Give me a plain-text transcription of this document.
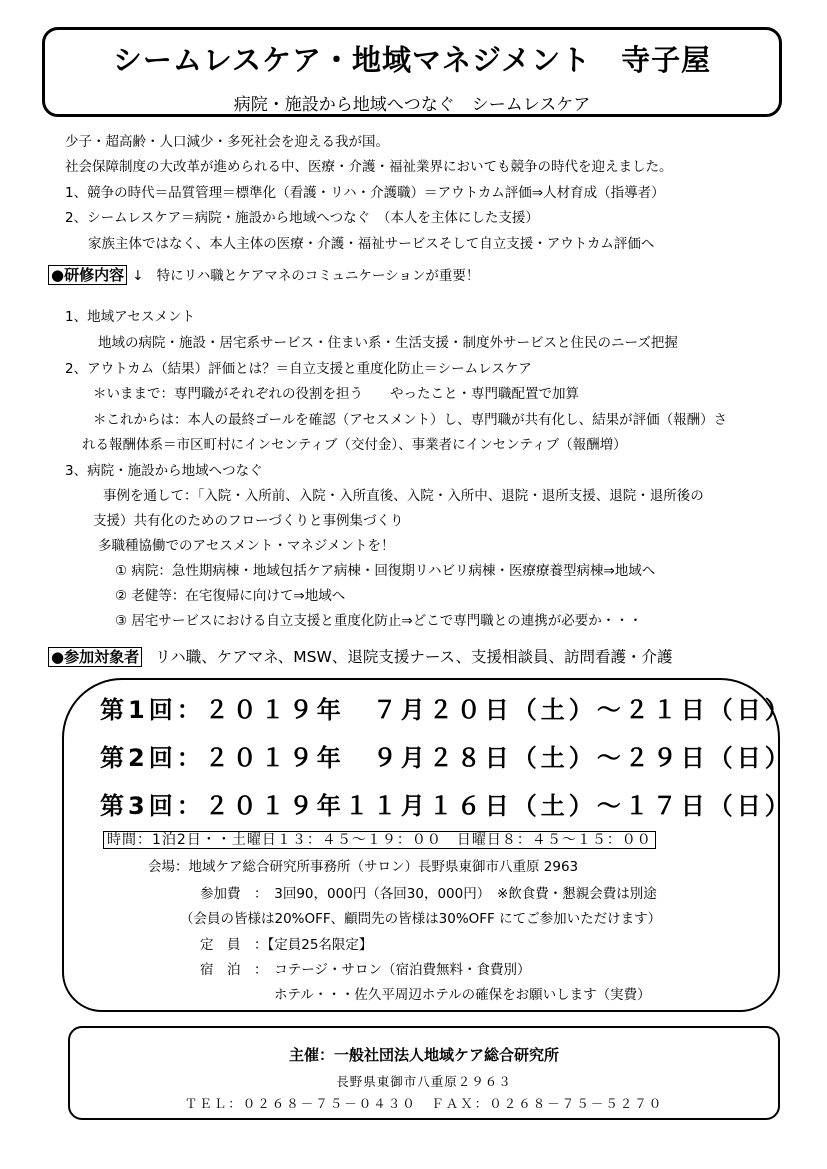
シームレスケア・地域マネジメント　寺子屋
病院・施設から地域へつなぐ　シームレスケア
少子・超高齢・人口減少・多死社会を迎える我が国。
社会保障制度の大改革が進められる中、医療・介護・福祉業界においても競争の時代を迎えました。
1、競争の時代＝品質管理＝標準化（看護・リハ・介護職）＝アウトカム評価⇒人材育成（指導者）
2、シームレスケア＝病院・施設から地域へつなぐ　（本人を主体にした支援）
家族主体ではなく、本人主体の医療・介護・福祉サービスそして自立支援・アウトカム評価へ
●研修内容 ↓ 特にリハ職とケアマネのコミュニケーションが重要！
1、地域アセスメント
地域の病院・施設・居宅系サービス・住まい系・生活支援・制度外サービスと住民のニーズ把握
2、アウトカム（結果）評価とは？＝自立支援と重度化防止＝シームレスケア
＊いままで：専門職がそれぞれの役割を担う　　やったこと・専門職配置で加算
＊これからは：本人の最終ゴールを確認（アセスメント）し、専門職が共有化し、結果が評価（報酬）さ
れる報酬体系＝市区町村にインセンティブ（交付金）、事業者にインセンティブ（報酬増）
3、病院・施設から地域へつなぐ
事例を通して：「入院・入所前、入院・入所直後、入院・入所中、退院・退所支援、退院・退所後の
支援）共有化のためのフローづくりと事例集づくり
多職種協働でのアセスメント・マネジメントを！
① 病院：急性期病棟・地域包括ケア病棟・回復期リハビリ病棟・医療療養型病棟⇒地域へ
② 老健等：在宅復帰に向けて⇒地域へ
③ 居宅サービスにおける自立支援と重度化防止⇒どこで専門職との連携が必要か・・・
●参加対象者 リハ職、ケアマネ、MSW、退院支援ナース、支援相談員、訪問看護・介護
第1回：２０１９年　７月２０日（土）～２１日（日）
第2回：２０１９年　９月２８日（土）～２９日（日）
第3回：２０１９年１１月１６日（土）～１７日（日）
時間：1泊2日・・土曜日１３：４５～１９：００　日曜日８：４５～１５：００
会場：地域ケア総合研究所事務所（サロン）長野県東御市八重原 2963
参加費　：　3回90，000円（各回30，000円）　※飲食費・懇親会費は別途
（会員の皆様は20%OFF、顧問先の皆様は30%OFF にてご参加いただけます）
定　員　：【定員25名限定】
宿　泊　：　コテージ・サロン（宿泊費無料・食費別）
ホテル・・・佐久平周辺ホテルの確保をお願いします（実費）
主催：一般社団法人地域ケア総合研究所
長野県東御市八重原２９６３
ＴＥＬ：０２６８－７５－０４３０　ＦＡＸ：０２６８－７５－５２７０
